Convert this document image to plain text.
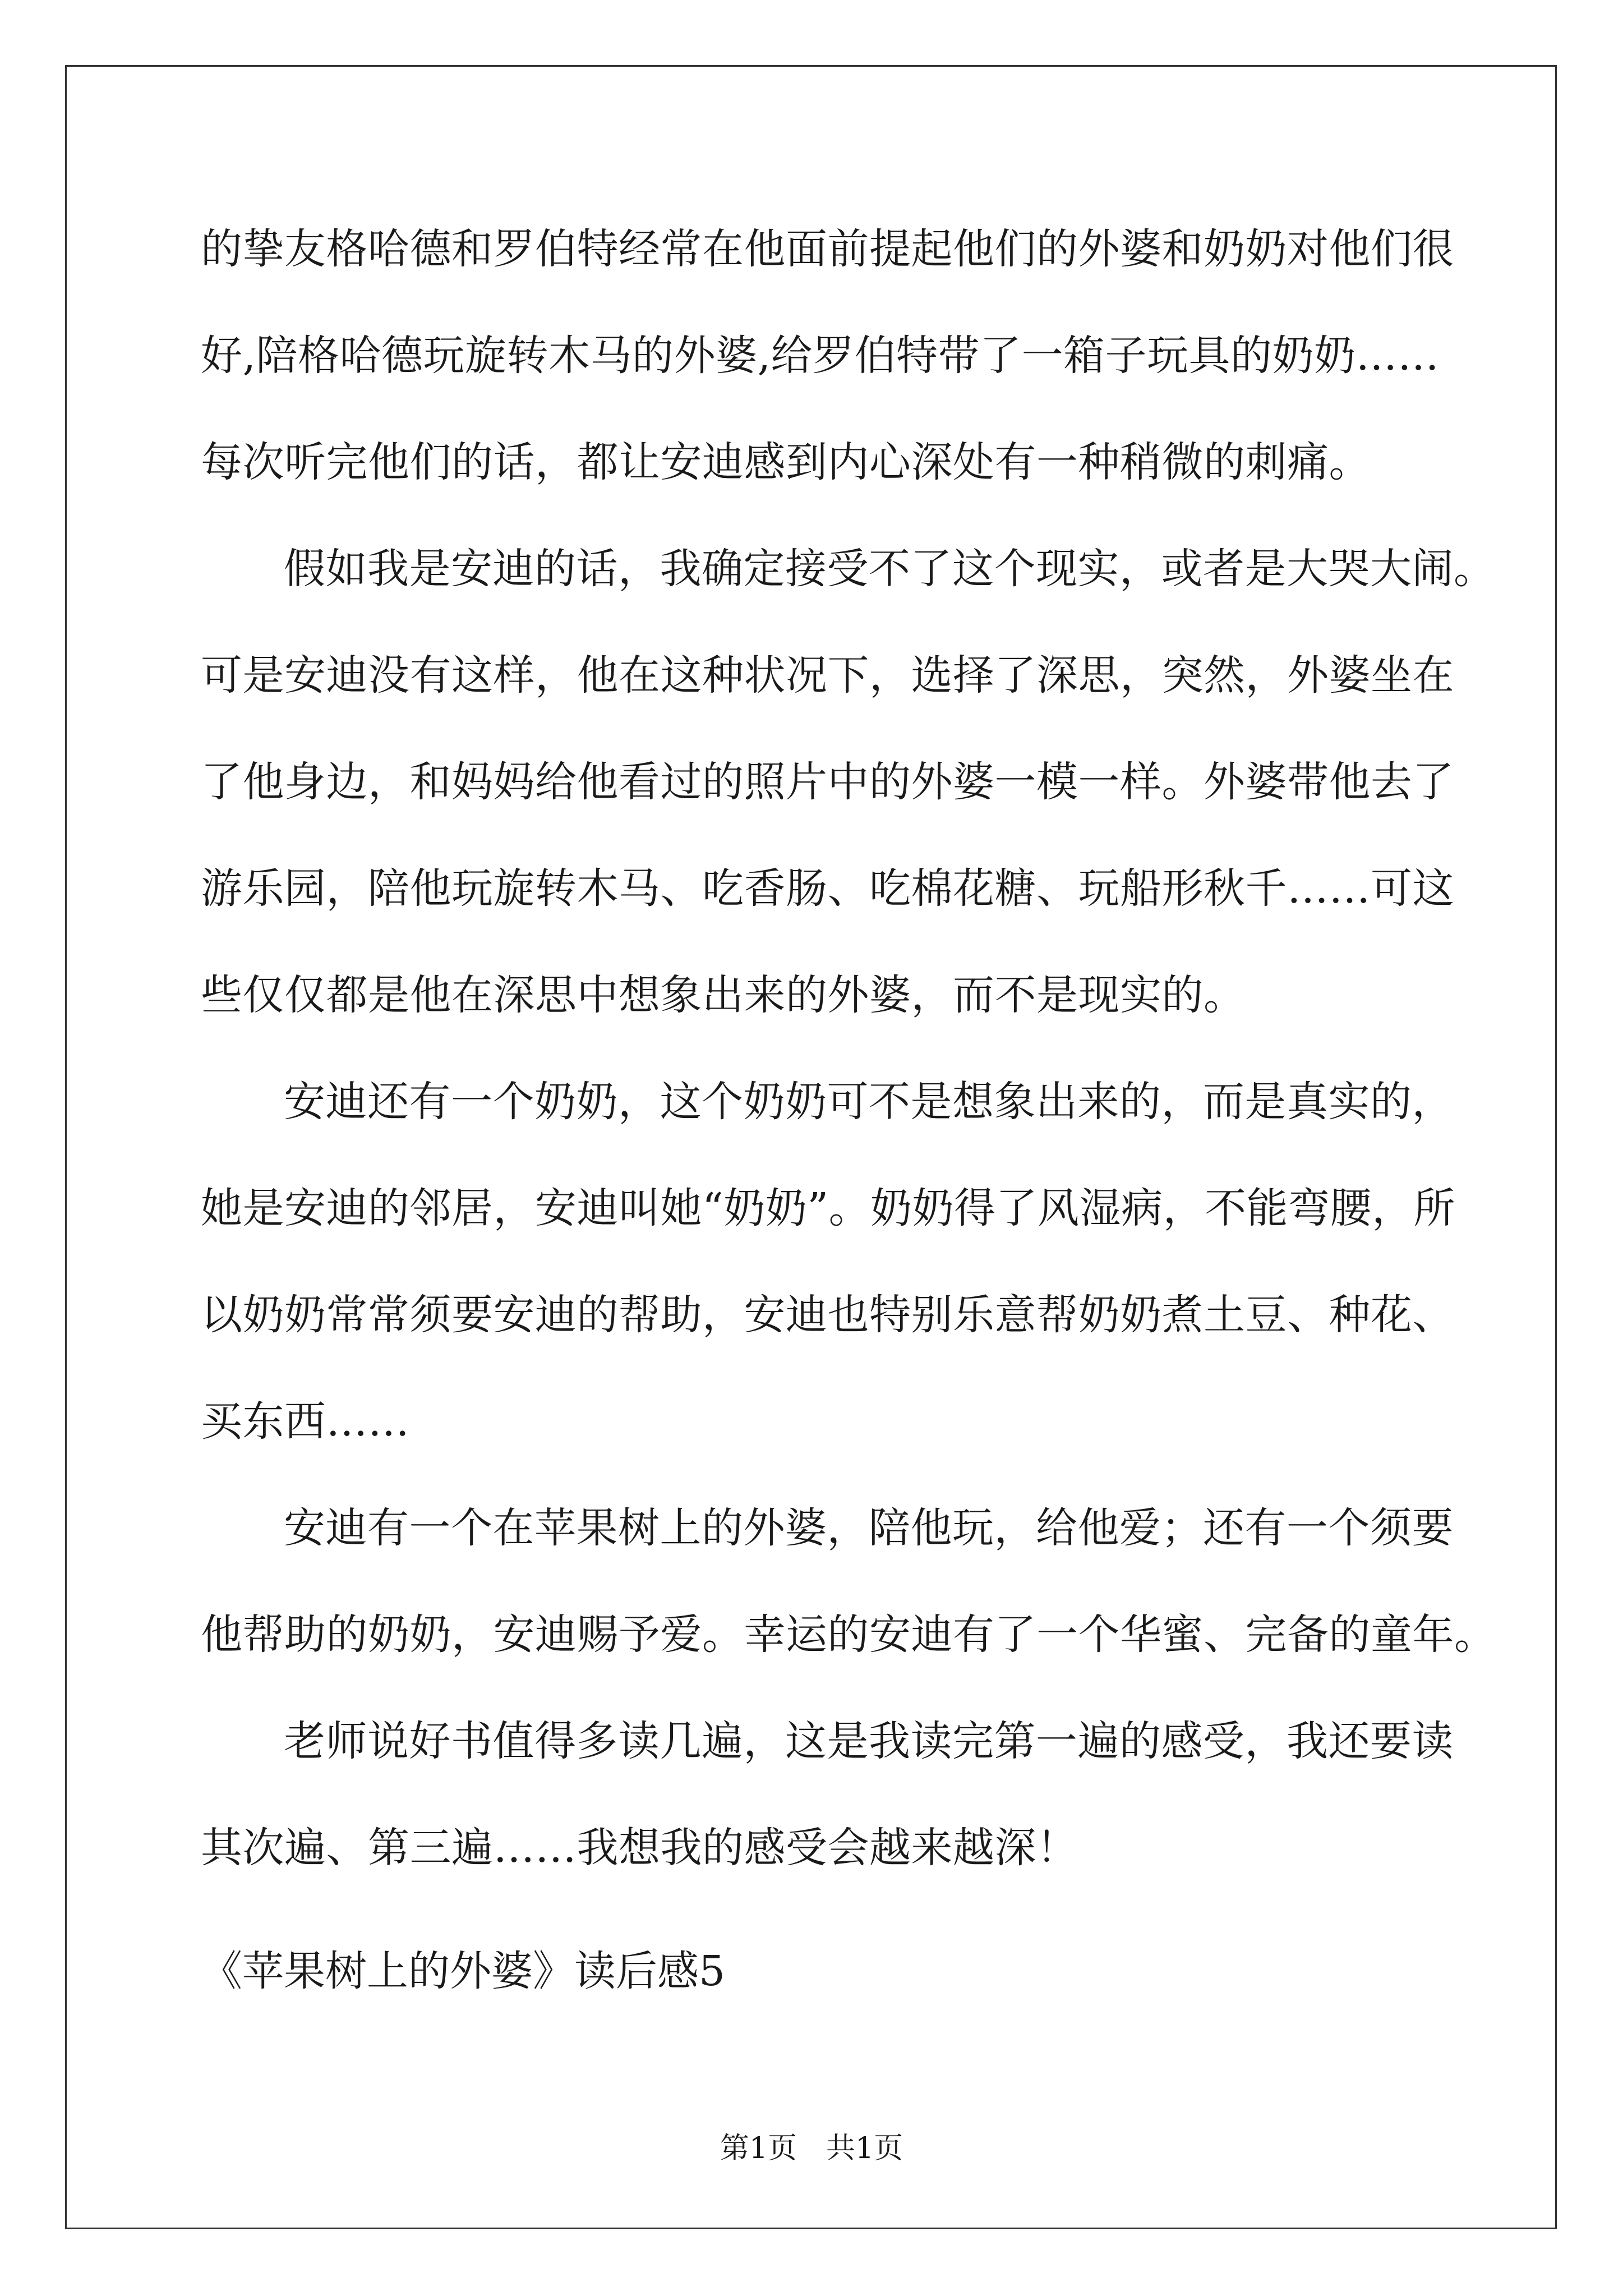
的挚友格哈德和罗伯特经常在他面前提起他们的外婆和奶奶对他们很
好,陪格哈德玩旋转木马的外婆,给罗伯特带了一箱子玩具的奶奶……
每次听完他们的话，都让安迪感到内心深处有一种稍微的刺痛。
假如我是安迪的话，我确定接受不了这个现实，或者是大哭大闹。
可是安迪没有这样，他在这种状况下，选择了深思，突然，外婆坐在
了他身边，和妈妈给他看过的照片中的外婆一模一样。外婆带他去了
游乐园，陪他玩旋转木马、吃香肠、吃棉花糖、玩船形秋千……可这
些仅仅都是他在深思中想象出来的外婆，而不是现实的。
安迪还有一个奶奶，这个奶奶可不是想象出来的，而是真实的，
她是安迪的邻居，安迪叫她“奶奶”。奶奶得了风湿病，不能弯腰，所
以奶奶常常须要安迪的帮助，安迪也特别乐意帮奶奶煮土豆、种花、
买东西……
安迪有一个在苹果树上的外婆，陪他玩，给他爱；还有一个须要
他帮助的奶奶，安迪赐予爱。幸运的安迪有了一个华蜜、完备的童年。
老师说好书值得多读几遍，这是我读完第一遍的感受，我还要读
其次遍、第三遍……我想我的感受会越来越深！
《苹果树上的外婆》读后感5
第1页　共1页
